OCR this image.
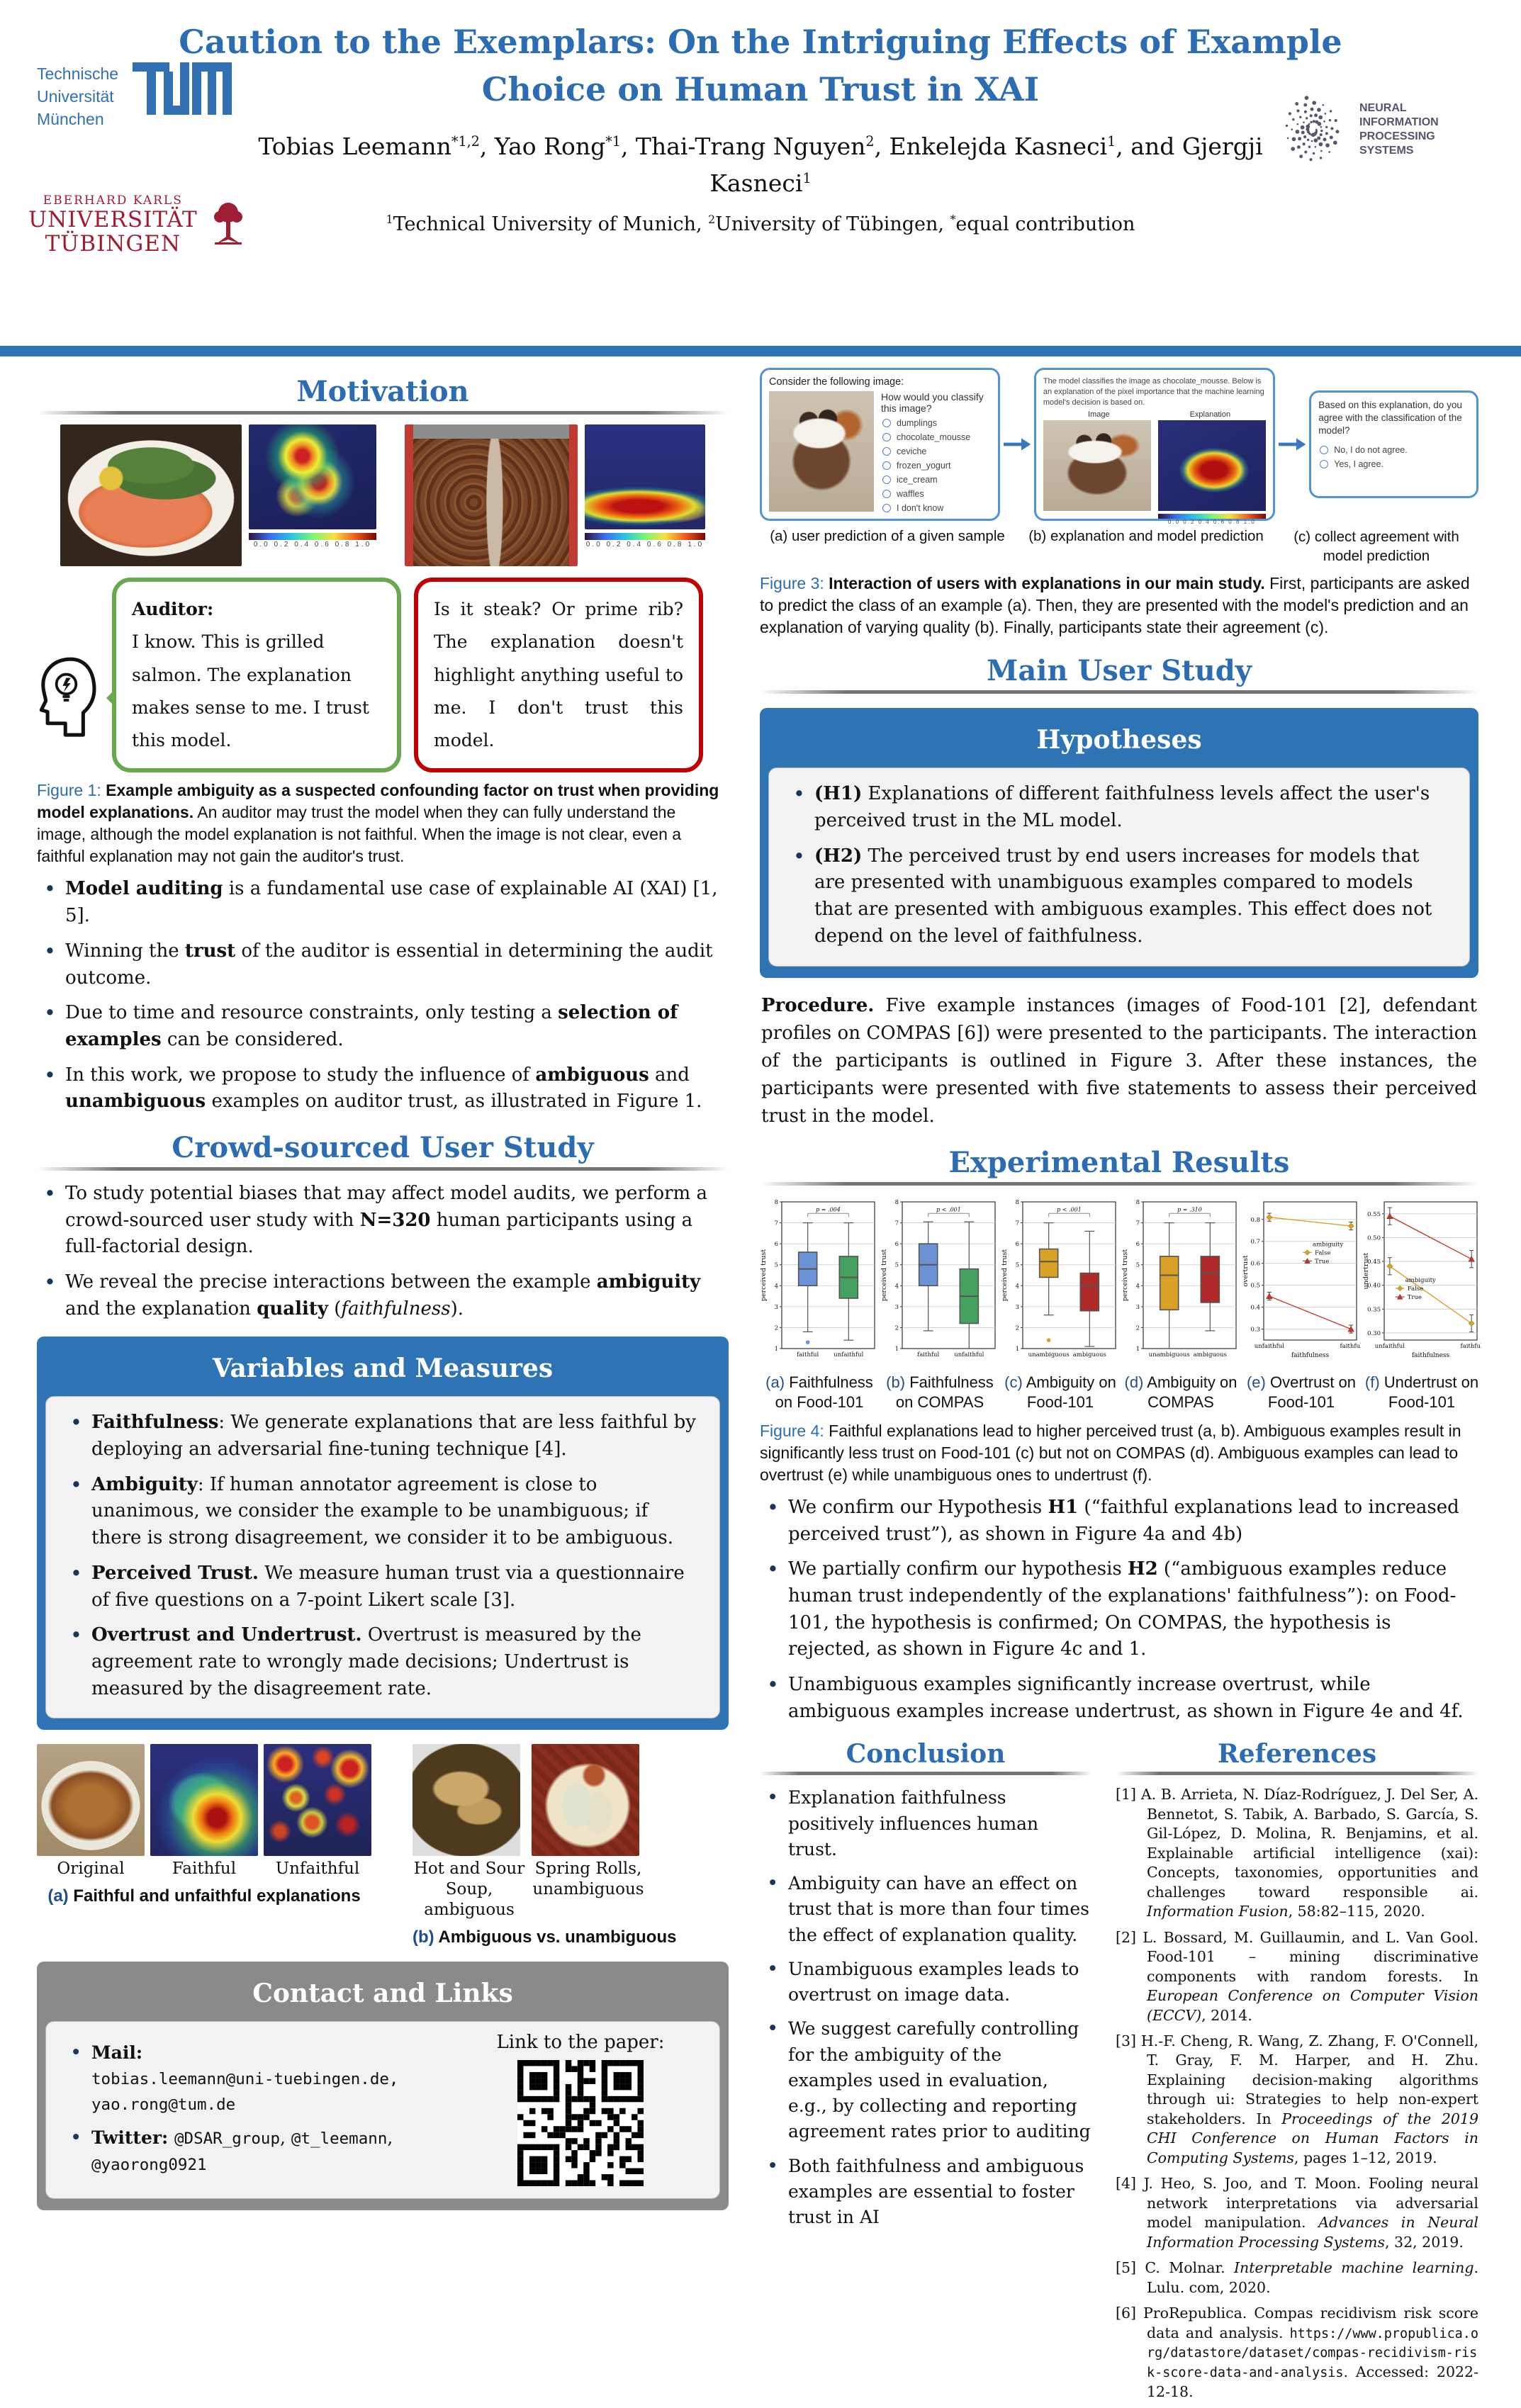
Caution to the Exemplars: On the Intriguing Effects of Example
Choice on Human Trust in XAI
Tobias Leemann$^{*1,2}$, Yao Rong$^{*1}$, Thai-Trang Nguyen$^2$, Enkelejda Kasneci$^1$, and Gjergji
Kasneci$^1$
$^1$Technical University of Munich, $^2$University of Tübingen, *equal contribution
Technische
Universität
München
EBERHARD KARLS
UNIVERSITÄT
TÜBINGEN
NEURAL INFORMATION
PROCESSING SYSTEMS
Motivation
0.0 0.2 0.4 0.6 0.8 1.0	0.0 0.2 0.4 0.6 0.8 1.0
Auditor:
I know. This is grilled salmon. The explanation makes sense to me. I trust this model.
Is it steak? Or prime rib? The explanation doesn't highlight anything useful to me. I don't trust this model.

Figure 1: Example ambiguity as a suspected confounding factor on trust when providing model explanations. An auditor may trust the model when they can fully understand the image, although the model explanation is not faithful. When the image is not clear, even a faithful explanation may not gain the auditor's trust.

• Model auditing is a fundamental use case of explainable AI (XAI) [1, 5].
• Winning the trust of the auditor is essential in determining the audit outcome.
• Due to time and resource constraints, only testing a selection of examples can be considered.
• In this work, we propose to study the influence of ambiguous and unambiguous examples on auditor trust, as illustrated in Figure 1.
Crowd-sourced User Study
• To study potential biases that may affect model audits, we perform a crowd-sourced user study with N=320 human participants using a full-factorial design.
• We reveal the precise interactions between the example ambiguity and the explanation quality (faithfulness).
Variables and Measures
• Faithfulness: We generate explanations that are less faithful by deploying an adversarial fine-tuning technique [4].
• Ambiguity: If human annotator agreement is close to unanimous, we consider the example to be unambiguous; if there is strong disagreement, we consider it to be ambiguous.
• Perceived Trust. We measure human trust via a questionnaire of five questions on a 7-point Likert scale [3].
• Overtrust and Undertrust. Overtrust is measured by the agreement rate to wrongly made decisions; Undertrust is measured by the disagreement rate.
Original	Faithful	Unfaithful
(a) Faithful and unfaithful explanations
Hot and Sour Soup, ambiguous
Spring Rolls, unambiguous
(b) Ambiguous vs. unambiguous
Contact and Links
• Mail:
tobias.leemann@uni-tuebingen.de,
yao.rong@tum.de
• Twitter: @DSAR_group, @t_leemann,
@yaorong0921
Link to the paper:
Consider the following image:
How would you classify this image?
dumplings
chocolate_mousse
ceviche
frozen_yogurt
ice_cream
waffles
I don't know
The model classifies the image as chocolate_mousse. Below is an explanation of the pixel importance that the machine learning model's decision is based on.
Image	Explanation
0.0 0.2 0.4 0.6 0.8 1.0
Based on this explanation, do you agree with the classification of the model?
No, I do not agree.
Yes, I agree.
(a) user prediction of a given sample	(b) explanation and model prediction	(c) collect agreement with model prediction

Figure 3: Interaction of users with explanations in our main study. First, participants are asked to predict the class of an example (a). Then, they are presented with the model's prediction and an explanation of varying quality (b). Finally, participants state their agreement (c).

Main User Study
Hypotheses
• (H1) Explanations of different faithfulness levels affect the user's perceived trust in the ML model.
• (H2) The perceived trust by end users increases for models that are presented with unambiguous examples compared to models that are presented with ambiguous examples. This effect does not depend on the level of faithfulness.

Procedure. Five example instances (images of Food-101 [2], defendant profiles on COMPAS [6]) were presented to the participants. The interaction of the participants is outlined in Figure 3. After these instances, the participants were presented with five statements to assess their perceived trust in the model.

Experimental Results
1
2
3
4
5
6
7
8
perceived trust
faithful unfaithful
p = .004
(a) Faithfulness on Food-101
1
2
3
4
5
6
7
8
perceived trust
faithful unfaithful
p < .001
(b) Faithfulness on COMPAS
1
2
3
4
5
6
7
8
perceived trust
unambiguous ambiguous
p < .001
(c) Ambiguity on Food-101
1
2
3
4
5
6
7
8
perceived trust
unambiguous ambiguous
p = .310
(d) Ambiguity on COMPAS
0.3
0.4
0.5
0.6
0.7
0.8
overtrust
unfaithful	faithful
faithfulness
ambiguity
False
True
(e) Overtrust on Food-101
0.30
0.35
0.40
0.45
0.50
0.55
undertrust
unfaithful	faithful
faithfulness
ambiguity
False
True
(f) Undertrust on Food-101

Figure 4: Faithful explanations lead to higher perceived trust (a, b). Ambiguous examples result in significantly less trust on Food-101 (c) but not on COMPAS (d). Ambiguous examples can lead to overtrust (e) while unambiguous ones to undertrust (f).

• We confirm our Hypothesis H1 (“faithful explanations lead to increased perceived trust”), as shown in Figure 4a and 4b)
• We partially confirm our hypothesis H2 (“ambiguous examples reduce human trust independently of the explanations' faithfulness”): on Food-101, the hypothesis is confirmed; On COMPAS, the hypothesis is rejected, as shown in Figure 4c and 1.
• Unambiguous examples significantly increase overtrust, while ambiguous examples increase undertrust, as shown in Figure 4e and 4f.
Conclusion
• Explanation faithfulness positively influences human trust.
• Ambiguity can have an effect on trust that is more than four times the effect of explanation quality.
• Unambiguous examples leads to overtrust on image data.
• We suggest carefully controlling for the ambiguity of the examples used in evaluation, e.g., by collecting and reporting agreement rates prior to auditing
• Both faithfulness and ambiguous examples are essential to foster trust in AI
References
[1] A. B. Arrieta, N. Díaz-Rodríguez, J. Del Ser, A. Bennetot, S. Tabik, A. Barbado, S. García, S. Gil-López, D. Molina, R. Benjamins, et al. Explainable artificial intelligence (xai): Concepts, taxonomies, opportunities and challenges toward responsible ai. Information Fusion, 58:82–115, 2020.
[2] L. Bossard, M. Guillaumin, and L. Van Gool. Food-101 – mining discriminative components with random forests. In European Conference on Computer Vision (ECCV), 2014.
[3] H.-F. Cheng, R. Wang, Z. Zhang, F. O'Connell, T. Gray, F. M. Harper, and H. Zhu. Explaining decision-making algorithms through ui: Strategies to help non-expert stakeholders. In Proceedings of the 2019 CHI Conference on Human Factors in Computing Systems, pages 1–12, 2019.
[4] J. Heo, S. Joo, and T. Moon. Fooling neural network interpretations via adversarial model manipulation. Advances in Neural Information Processing Systems, 32, 2019.
[5] C. Molnar. Interpretable machine learning. Lulu. com, 2020.
[6] ProRepublica. Compas recidivism risk score data and analysis. https://www.propublica.org/datastore/dataset/compas-recidivism-risk-score-data-and-analysis. Accessed: 2022-12-18.
